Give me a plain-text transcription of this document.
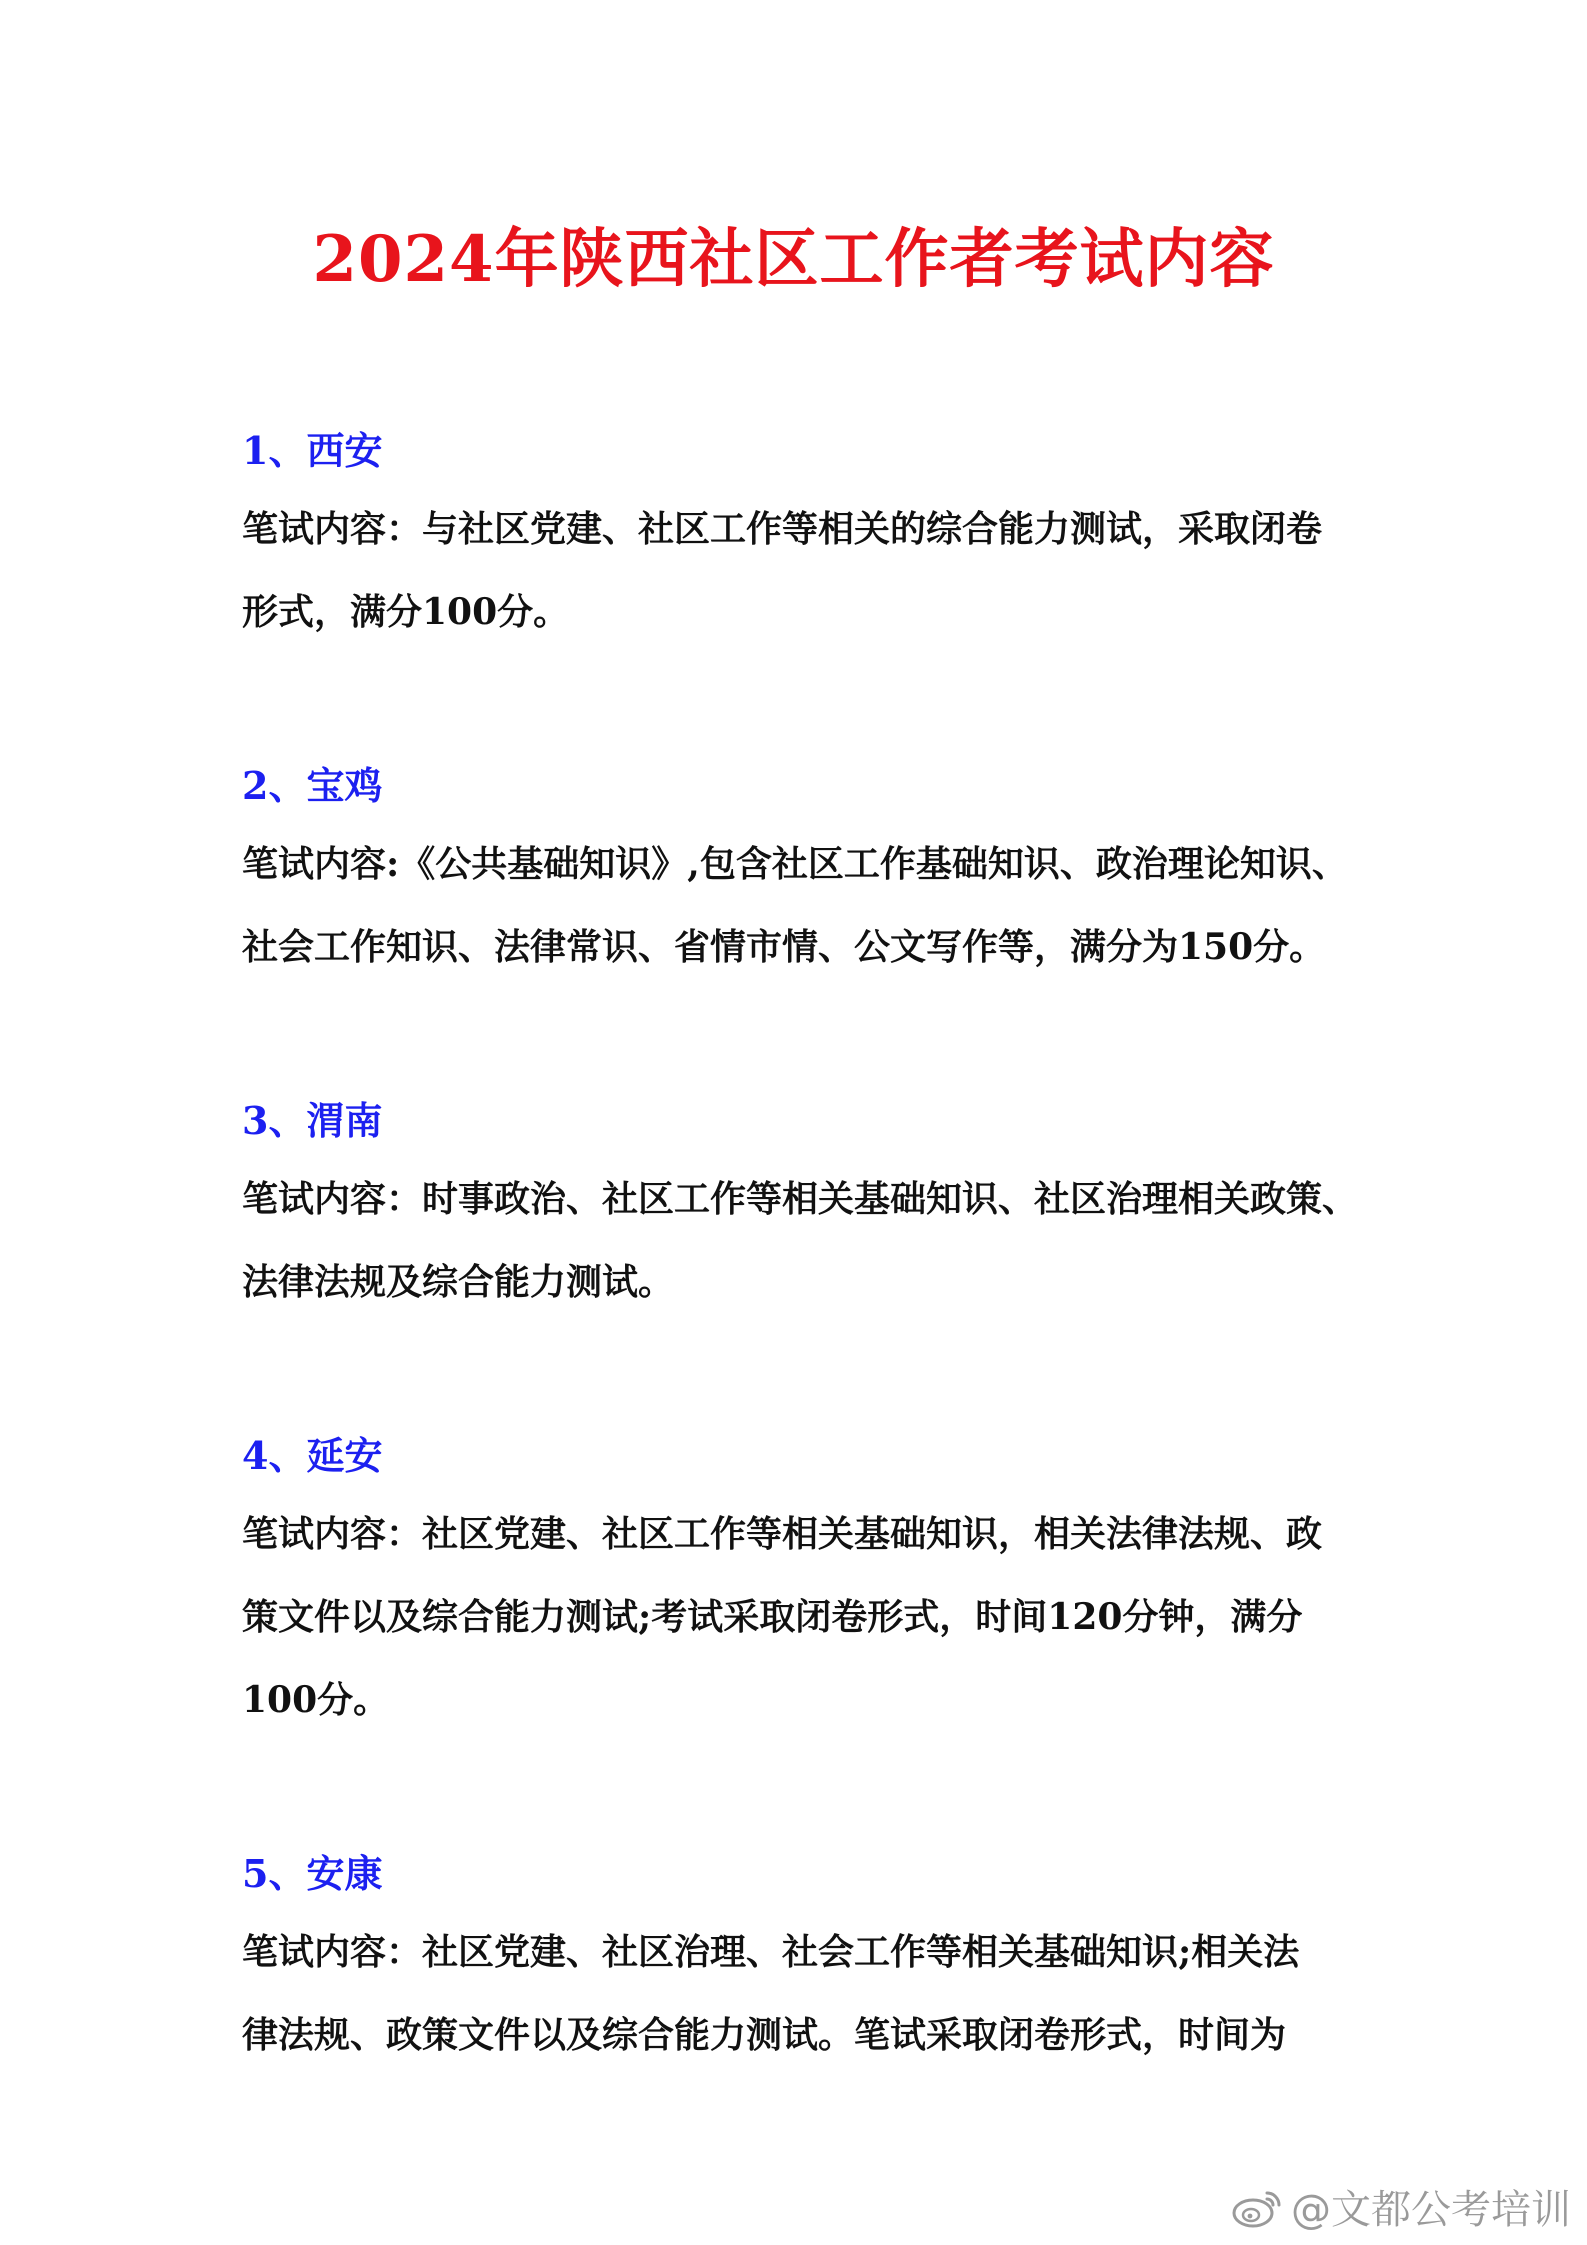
2024年陕西社区工作者考试内容
1、西安
笔试内容：与社区党建、社区工作等相关的综合能力测试，采取闭卷
形式，满分100分。
2、宝鸡
笔试内容:《公共基础知识》,包含社区工作基础知识、政治理论知识、
社会工作知识、法律常识、省情市情、公文写作等，满分为150分。
3、渭南
笔试内容：时事政治、社区工作等相关基础知识、社区治理相关政策、
法律法规及综合能力测试。
4、延安
笔试内容：社区党建、社区工作等相关基础知识，相关法律法规、政
策文件以及综合能力测试;考试采取闭卷形式，时间120分钟，满分
100分。
5、安康
笔试内容：社区党建、社区治理、社会工作等相关基础知识;相关法
律法规、政策文件以及综合能力测试。笔试采取闭卷形式，时间为
@文都公考培训
